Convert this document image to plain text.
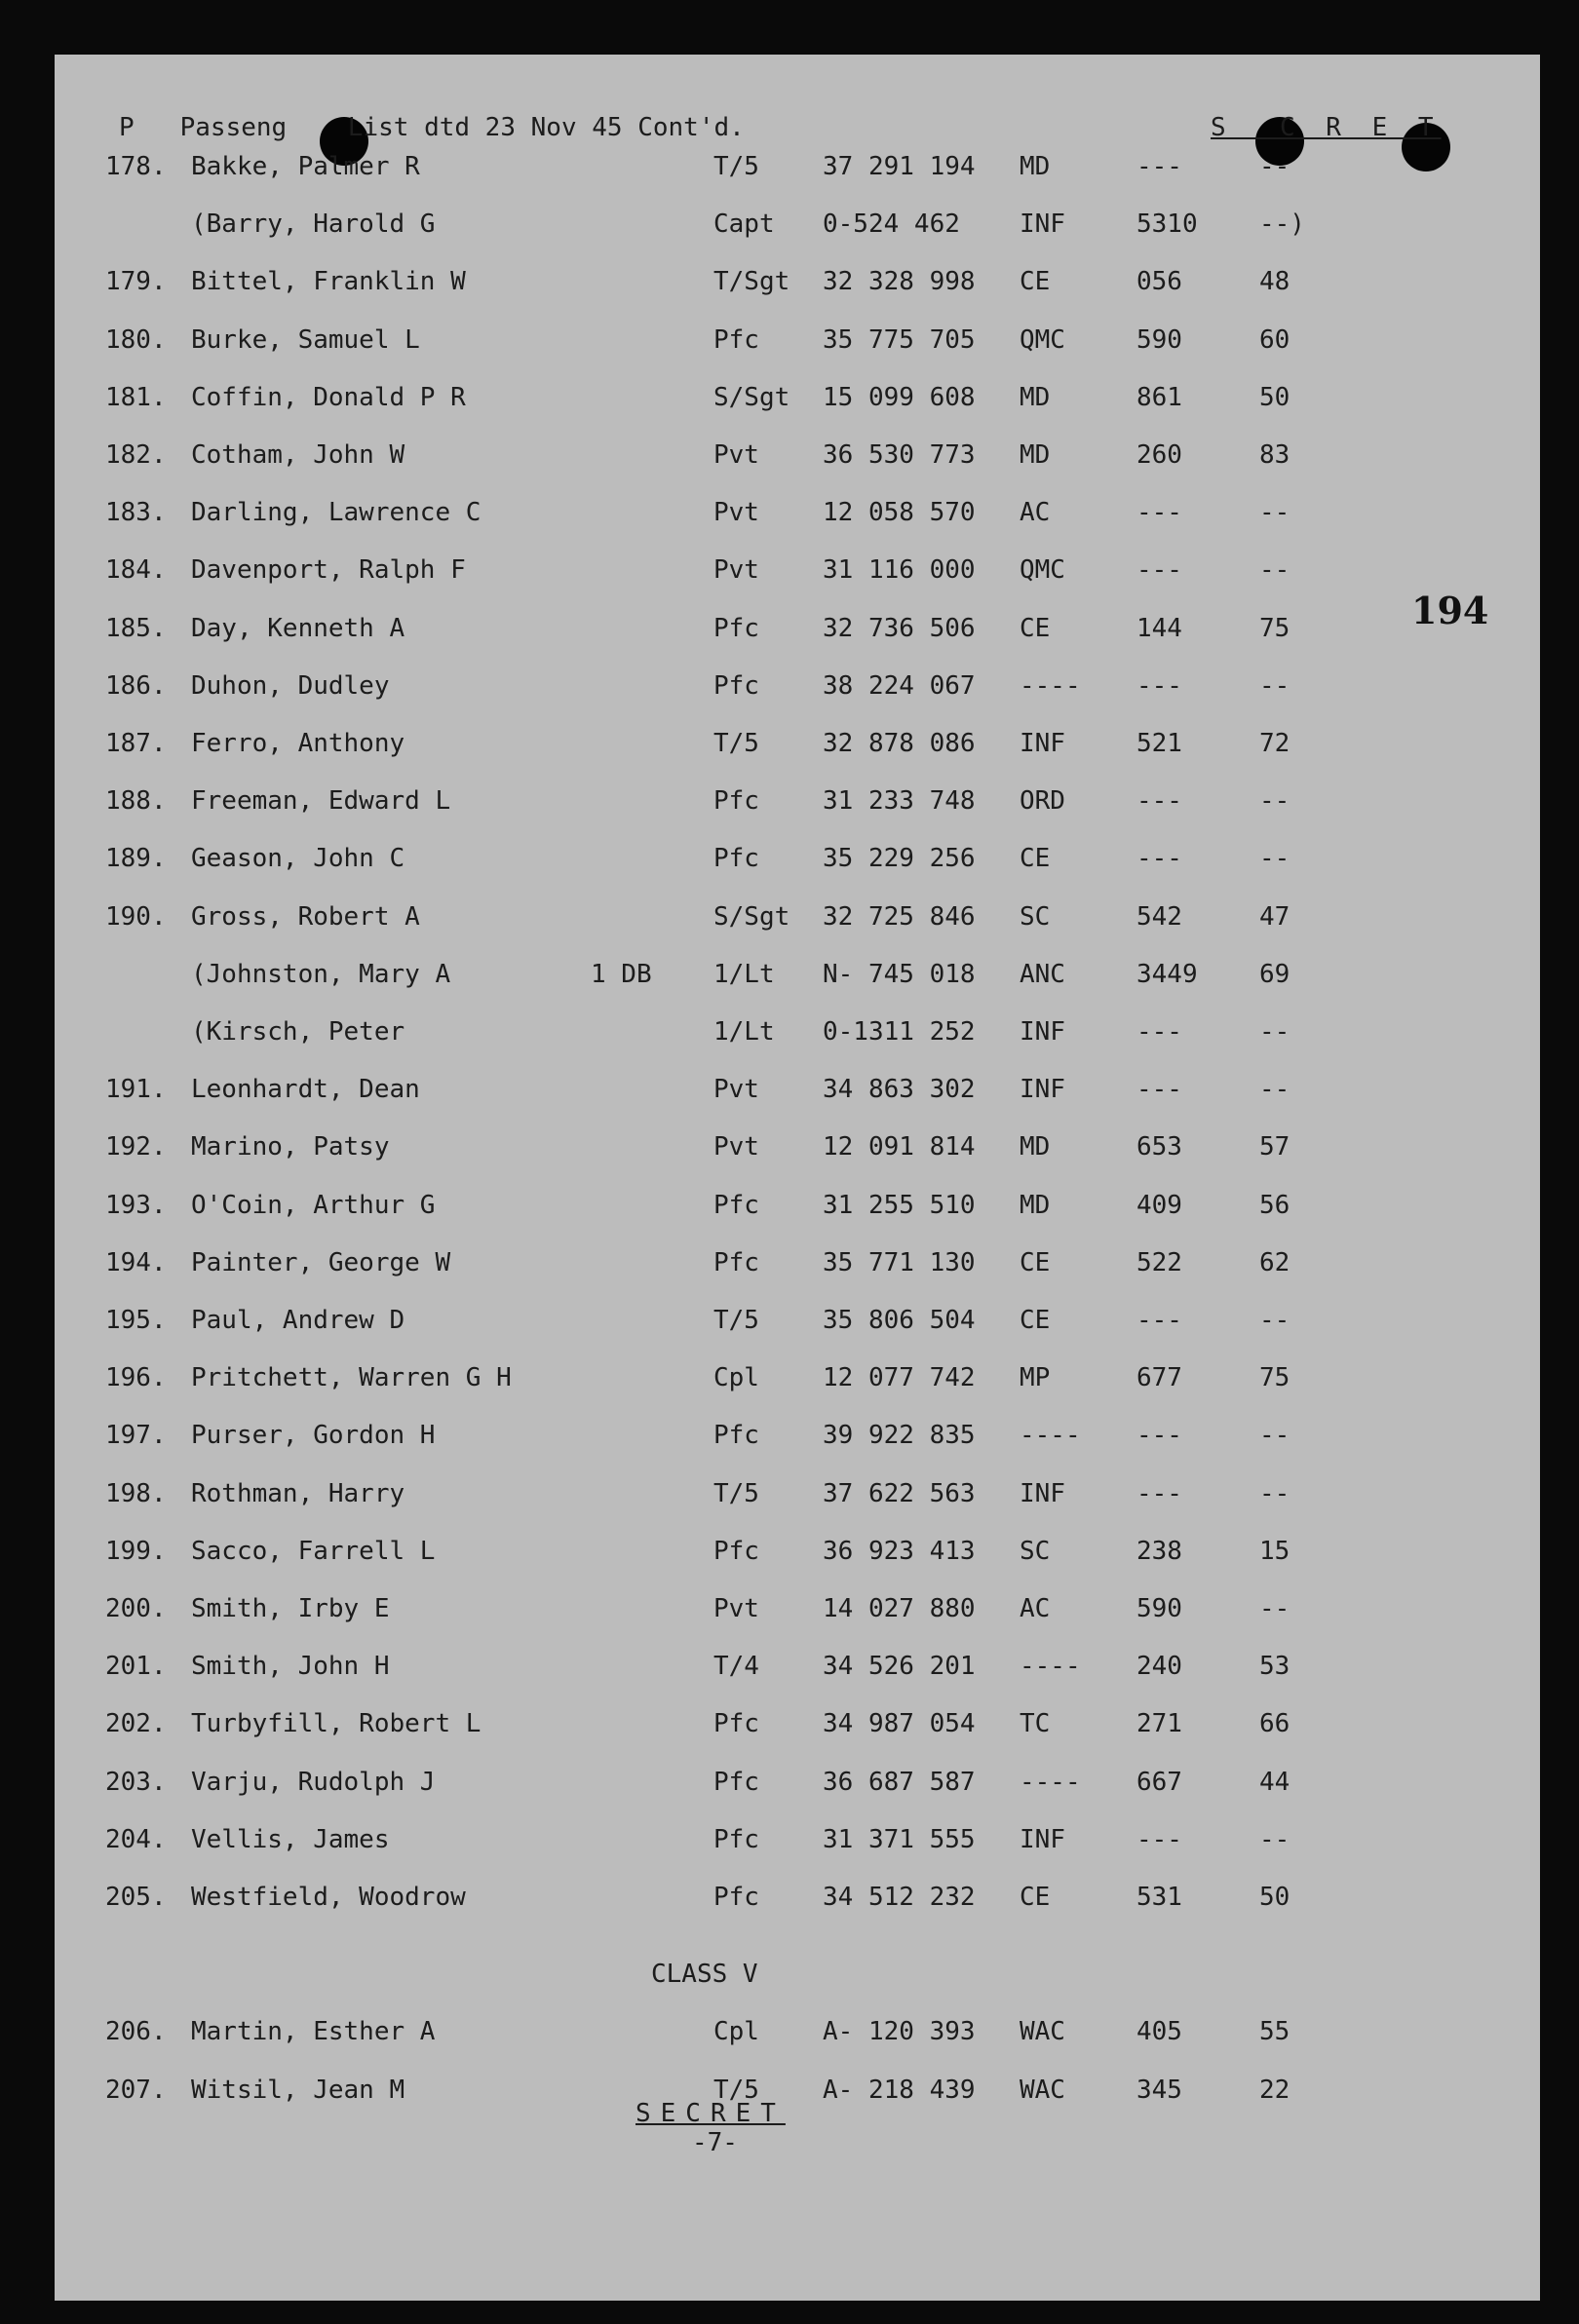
P   Passeng    List dtd 23 Nov 45 Cont'd.	S  C R E T
194
178. Bakke, Palmer R	T/5	37 291 194 MD	---	--
(Barry, Harold G	Capt 0-524 462 INF	5310 --)
179. Bittel, Franklin W	T/Sgt 32 328 998 CE	056	48
180. Burke, Samuel L	Pfc	35 775 705 QMC	590	60
181. Coffin, Donald P R	S/Sgt 15 099 608 MD	861	50
182. Cotham, John W	Pvt	36 530 773 MD	260	83
183. Darling, Lawrence C	Pvt	12 058 570 AC	---	--
184. Davenport, Ralph F	Pvt	31 116 000 QMC	---	--
185. Day, Kenneth A	Pfc	32 736 506 CE	144	75
186. Duhon, Dudley	Pfc	38 224 067 ---- ---	--
187. Ferro, Anthony	T/5	32 878 086 INF	521	72
188. Freeman, Edward L	Pfc	31 233 748 ORD	---	--
189. Geason, John C	Pfc	35 229 256 CE	---	--
190. Gross, Robert A	S/Sgt 32 725 846 SC	542	47
(Johnston, Mary A	1 DB 1/Lt N- 745 018 ANC	3449 69
(Kirsch, Peter	1/Lt 0-1311 252 INF	---	--
191. Leonhardt, Dean	Pvt	34 863 302 INF	---	--
192. Marino, Patsy	Pvt	12 091 814 MD	653	57
193. O'Coin, Arthur G	Pfc	31 255 510 MD	409	56
194. Painter, George W	Pfc	35 771 130 CE	522	62
195. Paul, Andrew D	T/5	35 806 504 CE	---	--
196. Pritchett, Warren G H	Cpl	12 077 742 MP	677	75
197. Purser, Gordon H	Pfc	39 922 835 ---- ---	--
198. Rothman, Harry	T/5	37 622 563 INF	---	--
199. Sacco, Farrell L	Pfc	36 923 413 SC	238	15
200. Smith, Irby E	Pvt	14 027 880 AC	590	--
201. Smith, John H	T/4	34 526 201 ---- 240	53
202. Turbyfill, Robert L	Pfc	34 987 054 TC	271	66
203. Varju, Rudolph J	Pfc	36 687 587 ---- 667	44
204. Vellis, James	Pfc	31 371 555 INF	---	--
205. Westfield, Woodrow	Pfc	34 512 232 CE	531	50
CLASS V
206. Martin, Esther A	Cpl	A- 120 393 WAC	405	55
207. Witsil, Jean M	T/5	A- 218 439 WAC	345	22
SECRET
-7-
